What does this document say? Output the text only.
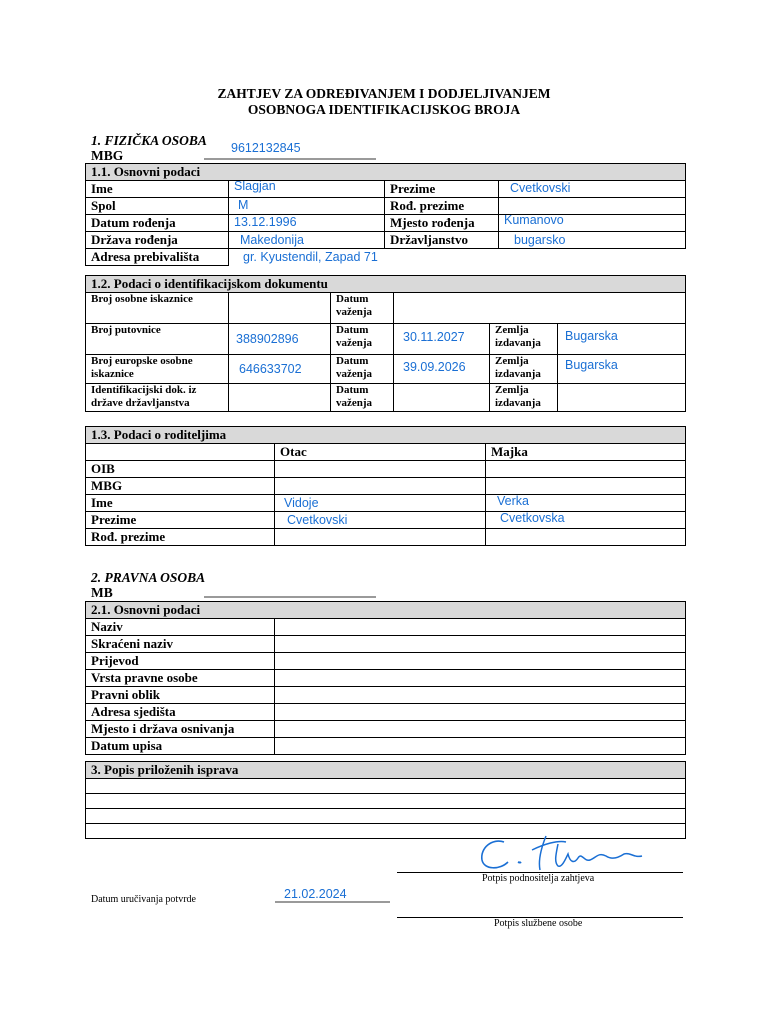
ZAHTJEV ZA ODREĐIVANJEM I DODJELJIVANJEM
OSOBNOGA IDENTIFIKACIJSKOG BROJA
1. FIZIČKA OSOBA
MBG	9612132845
1.1. Osnovni podaci			
Ime	Slagjan	Prezime	Cvetkovski

Spol	M	Rođ. prezime	

Datum rođenja	13.12.1996	Mjesto rođenja	Kumanovo

Država rođenja	Makedonija	Državljanstvo	bugarsko

Adresa prebivališta	gr. Kyustendil, Zapad 71		
1.2. Podaci o identifikacijskom dokumentu					
Broj osobne iskaznice		Datum važenja			

Broj putovnice	388902896	Datum važenja	30.11.2027	Zemlja izdavanja	Bugarska

Broj europske osobne iskaznice	646633702	Datum važenja	39.09.2026	Zemlja izdavanja	Bugarska

Identifikacijski dok. iz države državljanstva		Datum važenja		Zemlja izdavanja	
1.3. Podaci o roditeljima		
	Otac	Majka
OIB	

MBG	

Ime	Vidoje	Verka

Prezime	Cvetkovski	Cvetkovska

Rođ. prezime	

2. PRAVNA OSOBA
MB
2.1. Osnovni podaci	
Naziv	
Skraćeni naziv	
Prijevod	
Vrsta pravne osobe	
Pravni oblik	
Adresa sjedišta	
Mjesto i država osnivanja	
Datum upisa	
3. Popis priloženih isprava

Potpis podnositelja zahtjeva
Datum uručivanja potvrde	21.02.2024
Potpis službene osobe
